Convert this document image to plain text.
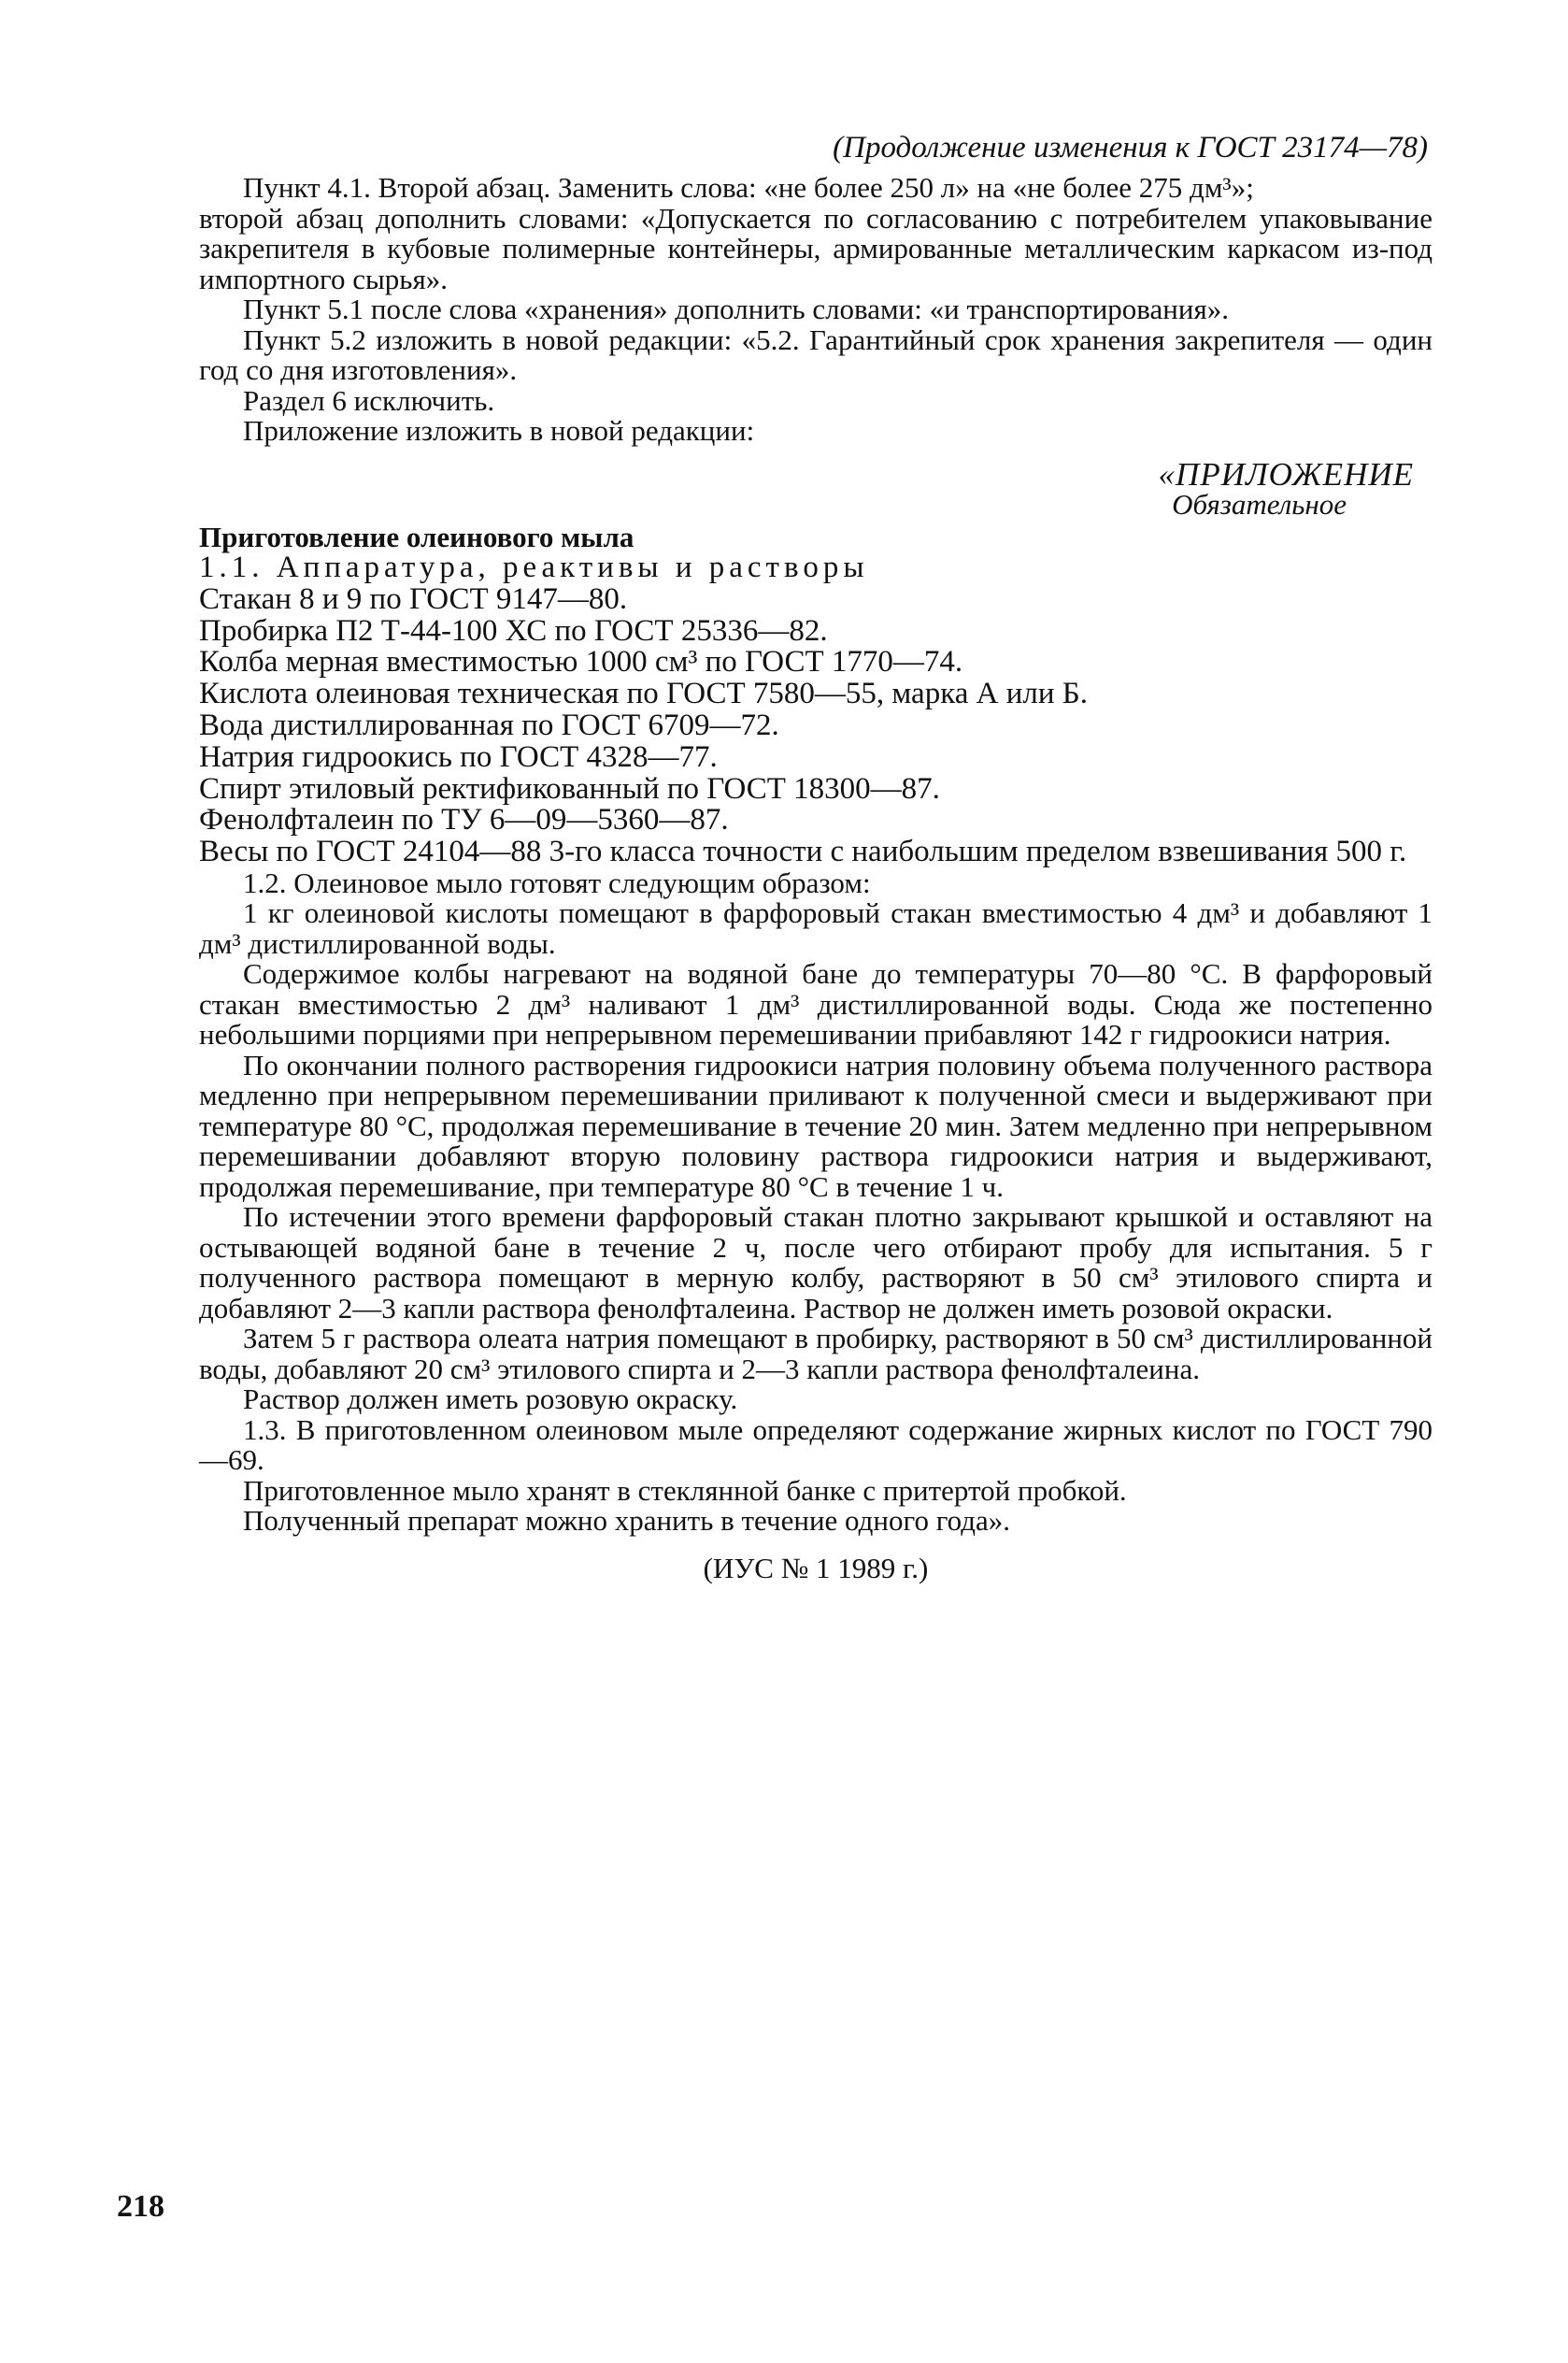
(Продолжение изменения к ГОСТ 23174—78)

Пункт 4.1. Второй абзац. Заменить слова: «не более 250 л» на «не более 275 дм³»;

второй абзац дополнить словами: «Допускается по согласованию с потребителем упаковывание закрепителя в кубовые полимерные контейнеры, армированные металлическим каркасом из-под импортного сырья».

Пункт 5.1 после слова «хранения» дополнить словами: «и транспортирования».

Пункт 5.2 изложить в новой редакции: «5.2. Гарантийный срок хранения закрепителя — один год со дня изготовления».

Раздел 6 исключить.

Приложение изложить в новой редакции:

«ПРИЛОЖЕНИЕ
Обязательное

Приготовление олеинового мыла

1.1. Аппаратура, реактивы и растворы

Стакан 8 и 9 по ГОСТ 9147—80.

Пробирка П2 Т-44-100 ХС по ГОСТ 25336—82.

Колба мерная вместимостью 1000 см³ по ГОСТ 1770—74.

Кислота олеиновая техническая по ГОСТ 7580—55, марка А или Б.

Вода дистиллированная по ГОСТ 6709—72.

Натрия гидроокись по ГОСТ 4328—77.

Спирт этиловый ректификованный по ГОСТ 18300—87.

Фенолфталеин по ТУ 6—09—5360—87.

Весы по ГОСТ 24104—88 3-го класса точности с наибольшим пределом взвешивания 500 г.

1.2. Олеиновое мыло готовят следующим образом:

1 кг олеиновой кислоты помещают в фарфоровый стакан вместимостью 4 дм³ и добавляют 1 дм³ дистиллированной воды.

Содержимое колбы нагревают на водяной бане до температуры 70—80 °С. В фарфоровый стакан вместимостью 2 дм³ наливают 1 дм³ дистиллированной воды. Сюда же постепенно небольшими порциями при непрерывном перемешивании прибавляют 142 г гидроокиси натрия.

По окончании полного растворения гидроокиси натрия половину объема полученного раствора медленно при непрерывном перемешивании приливают к полученной смеси и выдерживают при температуре 80 °С, продолжая перемешивание в течение 20 мин. Затем медленно при непрерывном перемешивании добавляют вторую половину раствора гидроокиси натрия и выдерживают, продолжая перемешивание, при температуре 80 °С в течение 1 ч.

По истечении этого времени фарфоровый стакан плотно закрывают крышкой и оставляют на остывающей водяной бане в течение 2 ч, после чего отбирают пробу для испытания. 5 г полученного раствора помещают в мерную колбу, растворяют в 50 см³ этилового спирта и добавляют 2—3 капли раствора фенолфталеина. Раствор не должен иметь розовой окраски.

Затем 5 г раствора олеата натрия помещают в пробирку, растворяют в 50 см³ дистиллированной воды, добавляют 20 см³ этилового спирта и 2—3 капли раствора фенолфталеина.

Раствор должен иметь розовую окраску.

1.3. В приготовленном олеиновом мыле определяют содержание жирных кислот по ГОСТ 790—69.

Приготовленное мыло хранят в стеклянной банке с притертой пробкой.

Полученный препарат можно хранить в течение одного года».

(ИУС № 1 1989 г.)

218
